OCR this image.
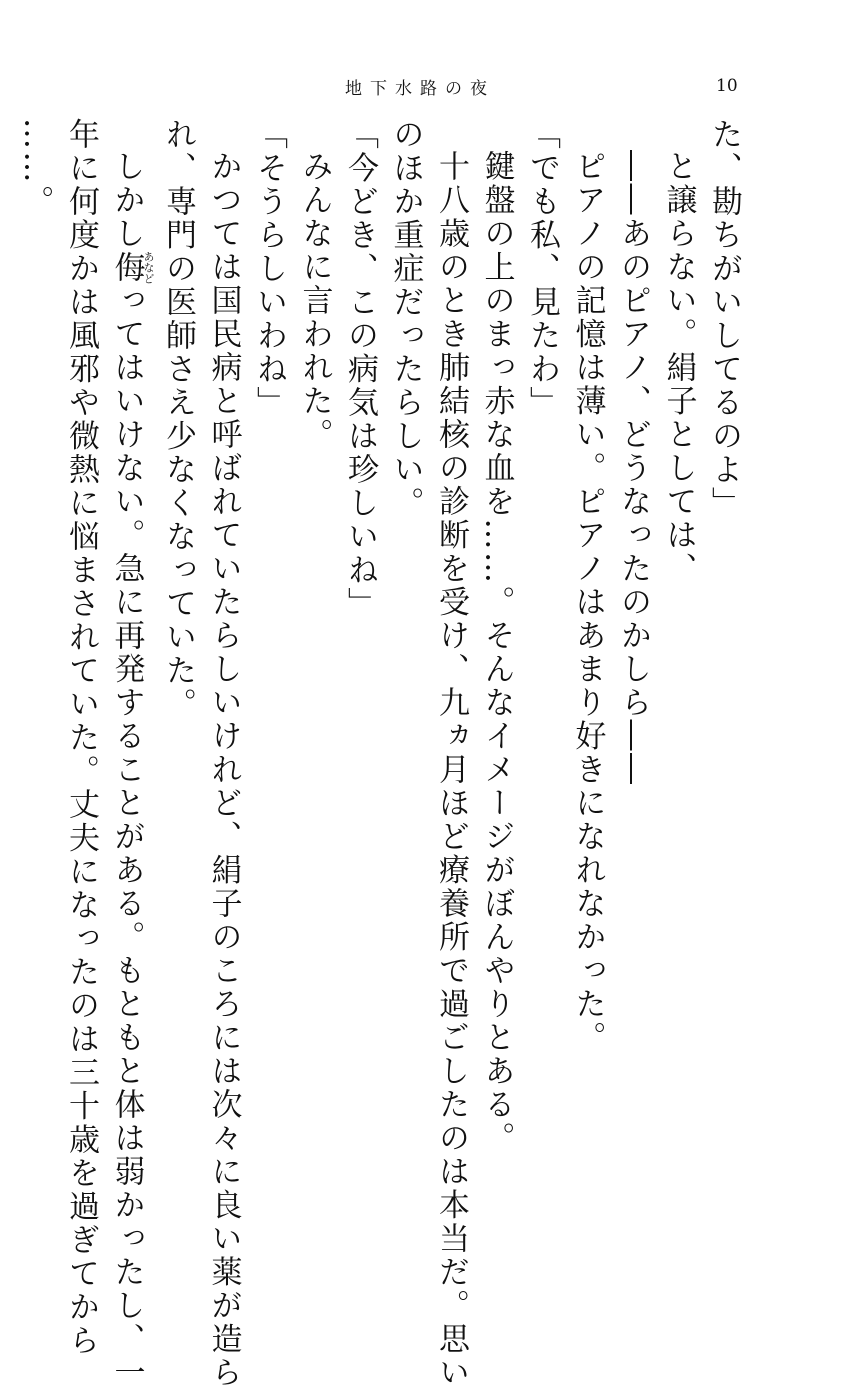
地下水路の夜	10

た、勘ちがいしてるのよ」

と譲らない。絹子としては、

――あのピアノ、どうなったのかしら――

ピアノの記憶は薄い。ピアノはあまり好きになれなかった。

「でも私、見たわ」

鍵盤の上のまっ赤な血を……。そんなイメージがぼんやりとある。

十八歳のとき肺結核の診断を受け、九ヵ月ほど療養所で過ごしたのは本当だ。思い

のほか重症だったらしい。

「今どき、この病気は珍しいね」

みんなに言われた。

「そうらしいわね」

かつては国民病と呼ばれていたらしいけれど、絹子のころには次々に良い薬が造ら

れ、専門の医師さえ少なくなっていた。

しかし侮あなどってはいけない。急に再発することがある。もともと体は弱かったし、一

年に何度かは風邪や微熱に悩まされていた。丈夫になったのは三十歳を過ぎてから

……。
